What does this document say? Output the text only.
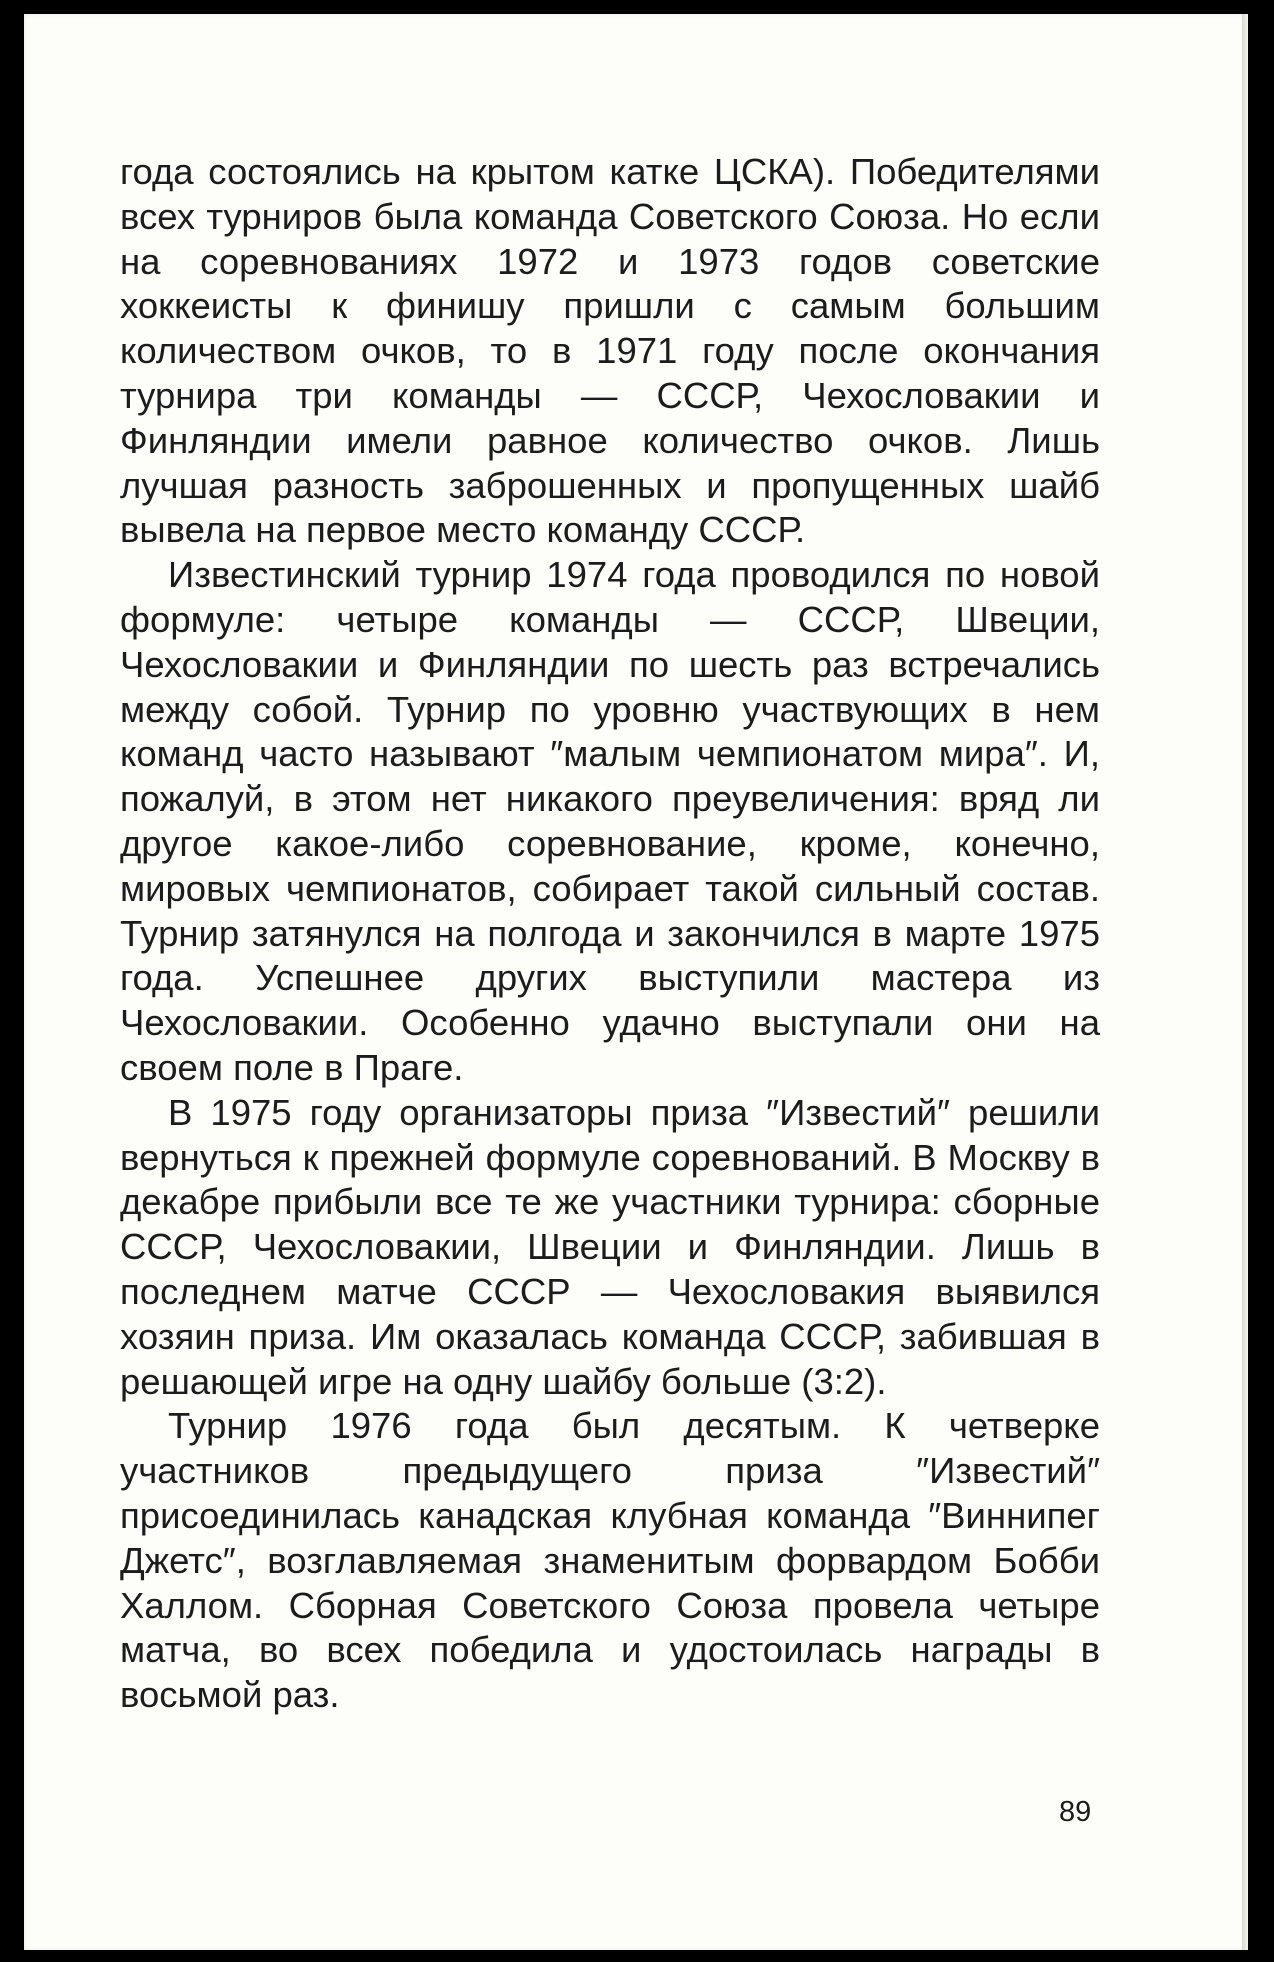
года состоялись на крытом катке ЦСКА). Победителями всех турниров была команда Советского Союза. Но если на соревнованиях 1972 и 1973 годов советские хоккеисты к финишу пришли с самым большим количеством очков, то в 1971 году после окончания турнира три команды — СССР, Чехословакии и Финляндии имели равное количество очков. Лишь лучшая разность заброшенных и пропущенных шайб вывела на первое место команду СССР.

Известинский турнир 1974 года проводился по новой формуле: четыре команды — СССР, Швеции, Чехословакии и Финляндии по шесть раз встречались между собой. Турнир по уровню участвующих в нем команд часто называют ″малым чемпионатом мира″. И, пожалуй, в этом нет никакого преувеличения: вряд ли другое какое-либо соревнование, кроме, конечно, мировых чемпионатов, собирает такой сильный состав. Турнир затянулся на полгода и закончился в марте 1975 года. Успешнее других выступили мастера из Чехословакии. Особенно удачно выступали они на своем поле в Праге.

В 1975 году организаторы приза ″Известий″ решили вернуться к прежней формуле соревнований. В Москву в декабре прибыли все те же участники турнира: сборные СССР, Чехословакии, Швеции и Финляндии. Лишь в последнем матче СССР — Чехословакия выявился хозяин приза. Им оказалась команда СССР, забившая в решающей игре на одну шайбу больше (3:2).

Турнир 1976 года был десятым. К четверке участников предыдущего приза ″Известий″ присоединилась канадская клубная команда ″Виннипег Джетс″, возглавляемая знаменитым форвардом Бобби Халлом. Сборная Советского Союза провела четыре матча, во всех победила и удостоилась награды в восьмой раз.

89
